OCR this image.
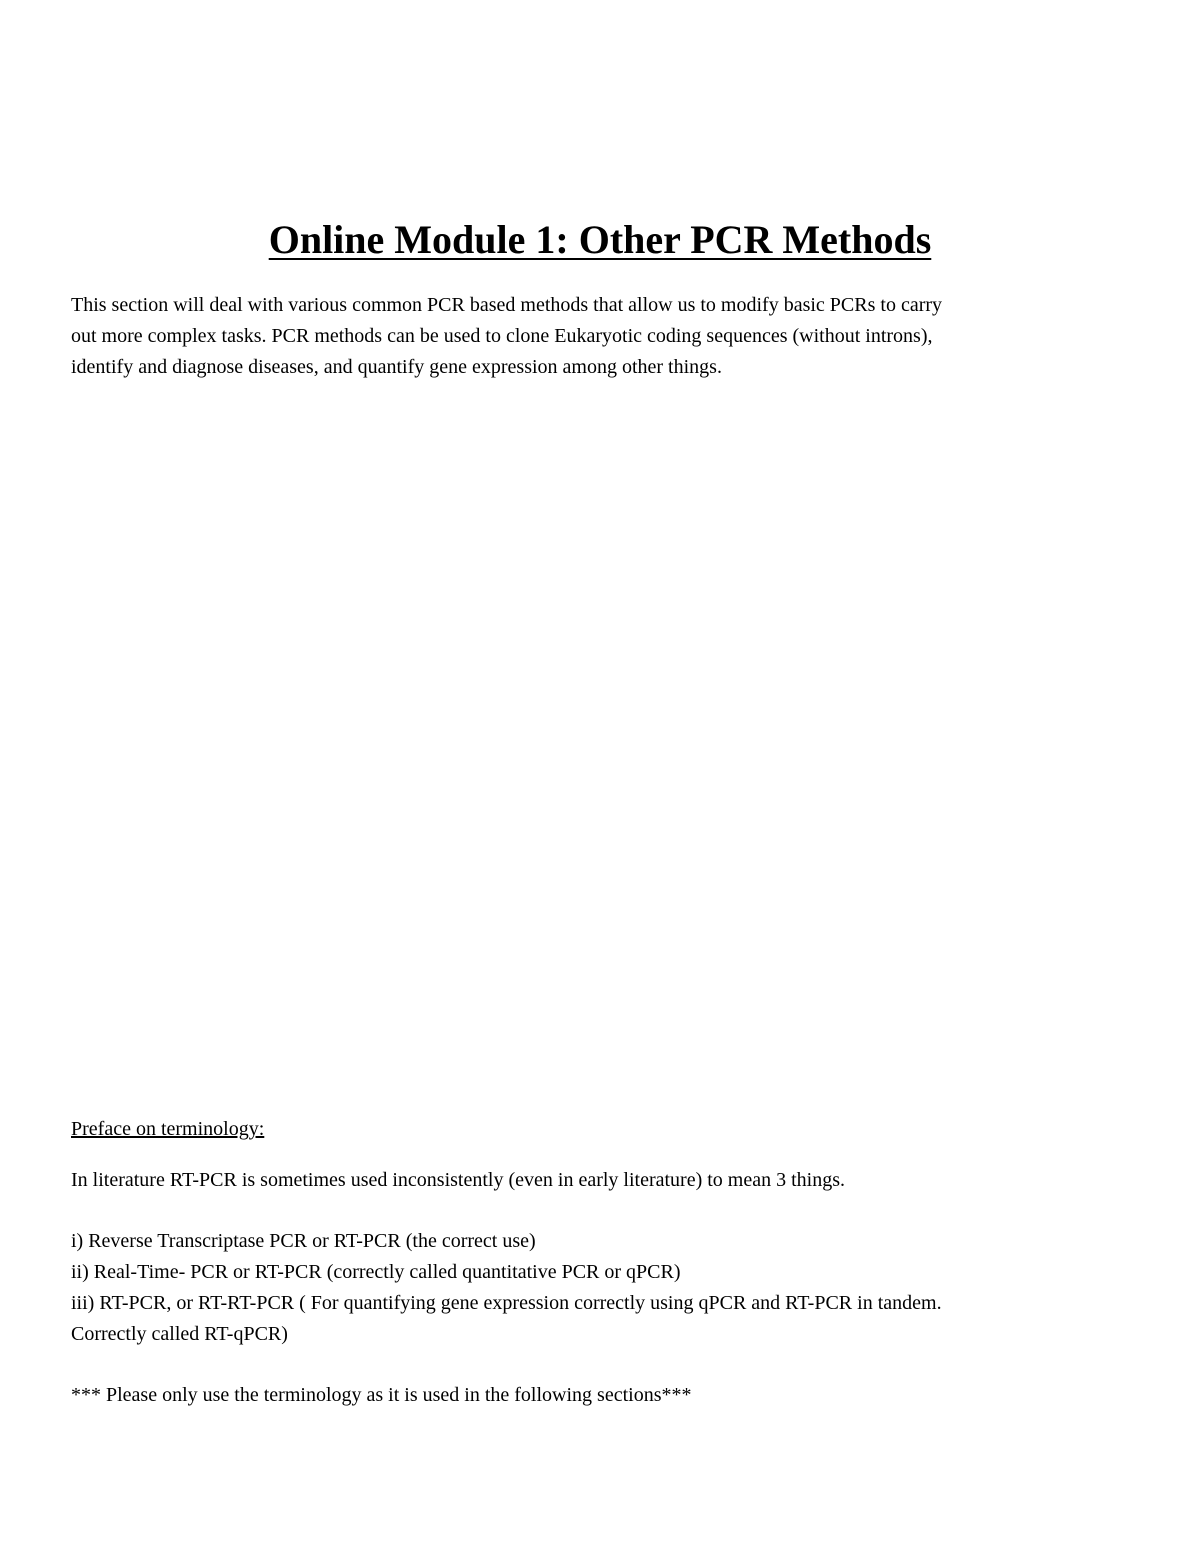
Online Module 1: Other PCR Methods

This section will deal with various common PCR based methods that allow us to modify basic PCRs to carry
out more complex tasks. PCR methods can be used to clone Eukaryotic coding sequences (without introns),
identify and diagnose diseases, and quantify gene expression among other things.

Preface on terminology:

In literature RT-PCR is sometimes used inconsistently (even in early literature) to mean 3 things.

i) Reverse Transcriptase PCR or RT-PCR (the correct use)
ii) Real-Time- PCR or RT-PCR (correctly called quantitative PCR or qPCR)
iii) RT-PCR, or RT-RT-PCR ( For quantifying gene expression correctly using qPCR and RT-PCR in tandem.
Correctly called RT-qPCR)

*** Please only use the terminology as it is used in the following sections***
